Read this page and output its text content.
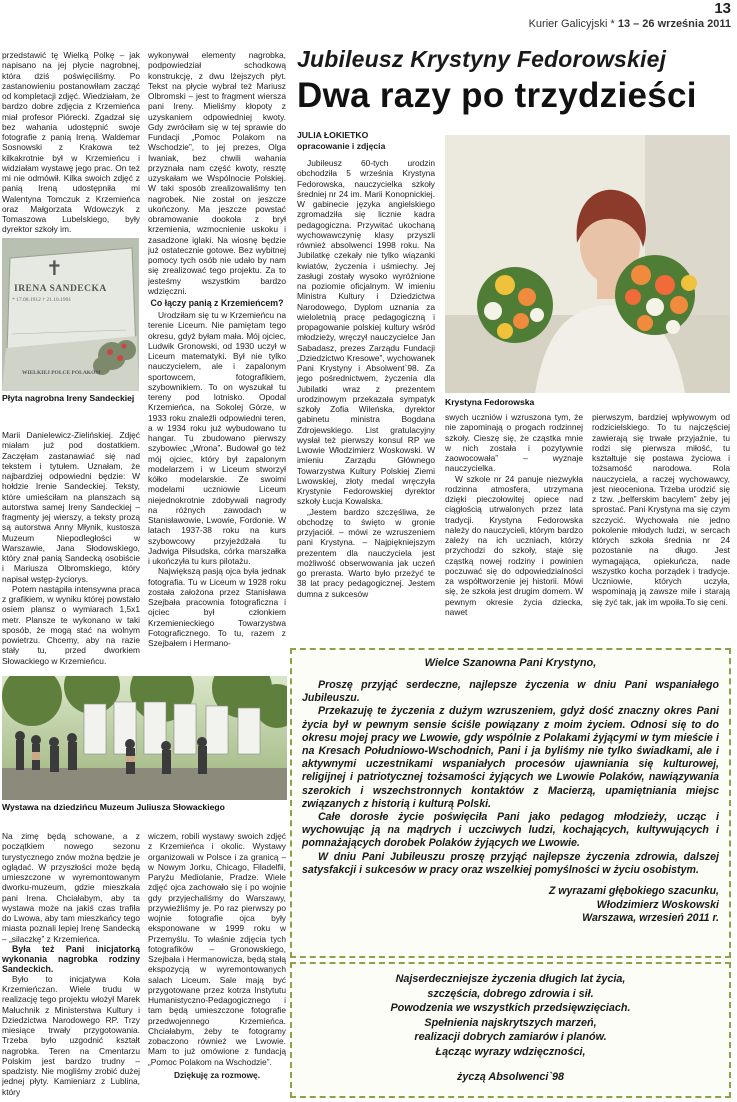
13
Kurier Galicyjski * 13 – 26 września 2011

przedstawić tę Wielką Polkę – jak napisano na jej płycie nagrobnej, która dziś poświęciliśmy. Po zastanowieniu postanowiłam zacząć od kompletacji zdjęć. Wiedziałam, że bardzo dobre zdjęcia z Krzemieńca miał profesor Piórecki. Zgadzał się bez wahania udostępnić swoje fotografie z panią Ireną. Waldemar Sosnowski z Krakowa też kilkakrotnie był w Krzemieńcu i widziałam wystawę jego prac. On też mi nie odmówił. Kilka swoich zdjęć z panią Ireną udostępniła mi Walentyna Tomczuk z Krzemieńca oraz Małgorzata Wdowczyk z Tomaszowa Lubelskiego, były dyrektor szkoły im.

✝
IRENA SANDECKA
* 17.08.1912 † 21.10.1991
WIELKIEJ POLCE POLAKOM
Płyta nagrobna Ireny Sandeckiej

Marii Danielewicz-Zielińskiej. Zdjęć miałam już pod dostatkiem. Zaczęłam zastanawiać się nad tekstem i tytułem. Uznałam, że najbardziej odpowiedni będzie: W hołdzie Irenie Sandeckiej. Teksty, które umieściłam na planszach są autorstwa samej Ireny Sandeckiej – fragmenty jej wierszy, a teksty prozą są autorstwa Anny Młynik, kustosza Muzeum Niepodległości w Warszawie, Jana Słodowskiego, który znał panią Sandecką osobiście i Mariusza Olbromskiego, który napisał wstęp-życiorys.

Potem nastąpiła intensywna praca z grafikiem, w wyniku której powstało osiem plansz o wymiarach 1,5x1 metr. Plansze te wykonano w taki sposób, że mogą stać na wolnym powietrzu. Chcemy, aby na razie stały tu, przed dworkiem Słowackiego w Krzemieńcu.

wykonywał elementy nagrobka, podpowiedział schodkową konstrukcję, z dwu lżejszych płyt. Tekst na płycie wybrał też Mariusz Olbromski – jest to fragment wiersza pani Ireny. Mieliśmy kłopoty z uzyskaniem odpowiedniej kwoty. Gdy zwróciłam się w tej sprawie do Fundacji „Pomoc Polakom na Wschodzie”, to jej prezes, Olga Iwaniak, bez chwili wahania przyznała nam część kwoty, resztę uzyskałam we Wspólnocie Polskiej. W taki sposób zrealizowaliśmy ten nagrobek. Nie został on jeszcze ukończony. Ma jeszcze powstać obramowanie dookoła z brył krzemienia, wzmocnienie uskoku i zasadzone iglaki. Na wiosnę będzie już ostatecznie gotowe. Bez wybitnej pomocy tych osób nie udało by nam się zrealizować tego projektu. Za to jesteśmy wszystkim bardzo wdzięczni.

Co łączy panią z Krzemieńcem?

Urodziłam się tu w Krzemieńcu na terenie Liceum. Nie pamiętam tego okresu, gdyż byłam mała. Mój ojciec, Ludwik Gronowski, od 1930 uczył w Liceum matematyki. Był nie tylko nauczycielem, ale i zapalonym sportowcem, fotografikiem, szybownikiem. To on wyszukał tu tereny pod lotnisko. Opodal Krzemieńca, na Sokolej Górze, w 1933 roku znaleźli odpowiedni teren, a w 1934 roku już wybudowano tu hangar. Tu zbudowano pierwszy szybowiec „Wrona”. Budował go też mój ojciec, który był zapalonym modelarzem i w Liceum stworzył kółko modelarskie. Ze swoimi modelami uczniowie Liceum niejednokrotnie zdobywali nagrody na różnych zawodach w Stanisławowie, Lwowie, Fordonie. W latach 1937-38 roku na kurs szybowcowy przyjeżdżała tu Jadwiga Piłsudska, córka marszałka i ukończyła tu kurs pilotażu.

Największą pasją ojca była jednak fotografia. Tu w Liceum w 1928 roku została założona przez Stanisława Szejbała pracownia fotograficzna i ojciec był członkiem Krzemienieckiego Towarzystwa Fotograficznego. To tu, razem z Szejbałem i Hermano-

Wystawa na dziedzińcu Muzeum Juliusza Słowackiego

Na zimę będą schowane, a z początkiem nowego sezonu turystycznego znów można będzie je oglądać. W przyszłości może będą umieszczone w wyremontowanym dworku-muzeum, gdzie mieszkała pani Irena. Chciałabym, aby ta wystawa może na jakiś czas trafiła do Lwowa, aby tam mieszkańcy tego miasta poznali lepiej Irenę Sandecką – „silaczkę” z Krzemieńca.

Była też Pani inicjatorką wykonania nagrobka rodziny Sandeckich.

Było to inicjatywa Koła Krzemieńczan. Wiele trudu w realizację tego projektu włożył Marek Małuchnik z Ministerstwa Kultury i Dziedzictwa Narodowego RP. Trzy miesiące trwały przygotowania. Trzeba było uzgodnić kształt nagrobka. Teren na Cmentarzu Polskim jest bardzo trudny – spadzisty. Nie mogliśmy zrobić dużej jednej płyty. Kamieniarz z Lublina, który

wiczem, robili wystawy swoich zdjęć z Krzemieńca i okolic. Wystawy organizowali w Polsce i za granicą – w Nowym Jorku, Chicago, Filadelfii, Paryżu Mediolanie, Pradze. Wiele zdjęć ojca zachowało się i po wojnie gdy przyjechaliśmy do Warszawy, przywieźliśmy je. Po raz pierwszy po wojnie fotografie ojca były eksponowane w 1999 roku w Przemyślu. To właśnie zdjęcia tych fotografików – Gronowskiego, Szejbała i Hermanowicza, będą stałą ekspozycją w wyremontowanych salach Liceum. Sale mają być przygotowane przez kotrza Instytutu Humanistyczno-Pedagogicznego i tam będą umieszczone fotografie przedwojennego Krzemieńca. Chciałabym, żeby te fotogramy zobaczono również we Lwowie. Mam to już omówione z fundacją „Pomoc Polakom na Wschodzie”.

Dziękuję za rozmowę.

Jubileusz Krystyny Fedorowskiej
Dwa razy po trzydzieści
JULIA ŁOKIETKO
opracowanie i zdjęcia

Jubileusz 60-tych urodzin obchodziła 5 września Krystyna Fedorowska, nauczycielka szkoły średniej nr 24 im. Marii Konopnickiej. W gabinecie języka angielskiego zgromadziła się licznie kadra pedagogiczna. Przywitać ukochaną wychowawczynię klasy przyszli również absolwenci 1998 roku. Na Jubilatkę czekały nie tylko wiązanki kwiatów, życzenia i uśmiechy. Jej zasługi zostały wysoko wyróżnione na poziomie oficjalnym. W imieniu Ministra Kultury i Dziedzictwa Narodowego, Dyplom uznania za wieloletnią pracę pedagogiczną i propagowanie polskiej kultury wśród młodzieży, wręczył nauczycielce Jan Sabadasz, prezes Zarządu Fundacji „Dziedzictwo Kresowe”, wychowanek Pani Krystyny i Absolwent`98. Za jego pośrednictwem, życzenia dla Jubilatki wraz z prezentem urodzinowym przekazała sympatyk szkoły Zofia Wileńska, dyrektor gabinetu ministra Bogdana Zdrojewskiego. List gratulacyjny wysłał też pierwszy konsul RP we Lwowie Włodzimierz Woskowski. W imieniu Zarządu Głównego Towarzystwa Kultury Polskiej Ziemi Lwowskiej, złoty medal wręczyła Krystynie Fedorowskiej dyrektor szkoły Łucja Kowalska.

„Jestem bardzo szczęśliwa, że obchodzę to święto w gronie przyjaciół. – mówi ze wzruszeniem pani Krystyna. – Najpiękniejszym prezentem dla nauczyciela jest możliwość obserwowania jak uczeń go prerasta. Warto było przeżyć te 38 lat pracy pedagogicznej. Jestem dumna z sukcesów

Krystyna Fedorowska

swych uczniów i wzruszona tym, że nie zapominają o progach rodzinnej szkoły. Cieszę się, że cząstka mnie w nich została i pozytywnie zaowocowała” – wyznaje nauczycielka.

W szkole nr 24 panuje niezwykła rodzinna atmosfera, utrzymana dzięki pieczołowitej opiece nad ciągłością utrwalonych przez lata tradycji. Krystyna Fedorowska należy do nauczycieli, którym bardzo zależy na ich uczniach, którzy przychodzi do szkoły, staje się cząstką nowej rodziny i powinien poczuwać się do odpowiedzialności za współtworzenie jej historii. Mówi się, że szkoła jest drugim domem. W pewnym okresie życia dziecka, nawet

pierwszym, bardziej wpływowym od rodzicielskiego. To tu najczęściej zawierają się trwałe przyjaźnie, tu rodzi się pierwsza miłość, tu kształtuje się postawa życiowa i tożsamość narodowa. Rola nauczyciela, a raczej wychowawcy, jest nieoceniona. Trzeba urodzić się z tzw. „belferskim bacylem” żeby jej sprostać. Pani Krystyna ma się czym szczycić. Wychowała nie jedno pokolenie młodych ludzi, w sercach których szkoła średnia nr 24 pozostanie na długo. Jest wymagająca, opiekuńcza, nade wszystko kocha porządek i tradycje. Uczniowie, których uczyła, wspominają ją zawsze mile i starają się żyć tak, jak im wpoiła.To się ceni.

Wielce Szanowna Pani Krystyno,

Proszę przyjąć serdeczne, najlepsze życzenia w dniu Pani wspaniałego Jubileuszu.

Przekazuję te życzenia z dużym wzruszeniem, gdyż dość znaczny okres Pani życia był w pewnym sensie ściśle powiązany z moim życiem. Odnosi się to do okresu mojej pracy we Lwowie, gdy wspólnie z Polakami żyjącymi w tym mieście i na Kresach Południowo-Wschodnich, Pani i ja byliśmy nie tylko świadkami, ale i aktywnymi uczestnikami wspaniałych procesów ujawniania się kulturowej, religijnej i patriotycznej tożsamości żyjących we Lwowie Polaków, nawiązywania szerokich i wszechstronnych kontaktów z Macierzą, upamiętniania miejsc związanych z historią i kulturą Polski.

Całe dorosłe życie poświęciła Pani jako pedagog młodzieży, ucząc i wychowując ją na mądrych i uczciwych ludzi, kochających, kultywujących i pomnażających dorobek Polaków żyjących we Lwowie.

W dniu Pani Jubileuszu proszę przyjąć najlepsze życzenia zdrowia, dalszej satysfakcji i sukcesów w pracy oraz wszelkiej pomyślności w życiu osobistym.

Z wyrazami głębokiego szacunku,
Włodzimierz Woskowski
Warszawa, wrzesień 2011 r.
Najserdeczniejsze życzenia długich lat życia,
szczęścia, dobrego zdrowia i sił.
Powodzenia we wszystkich przedsięwzięciach.
Spełnienia najskrytszych marzeń,
realizacji dobrych zamiarów i planów.
Łącząc wyrazy wdzięczności,
życzą Absolwenci`98
